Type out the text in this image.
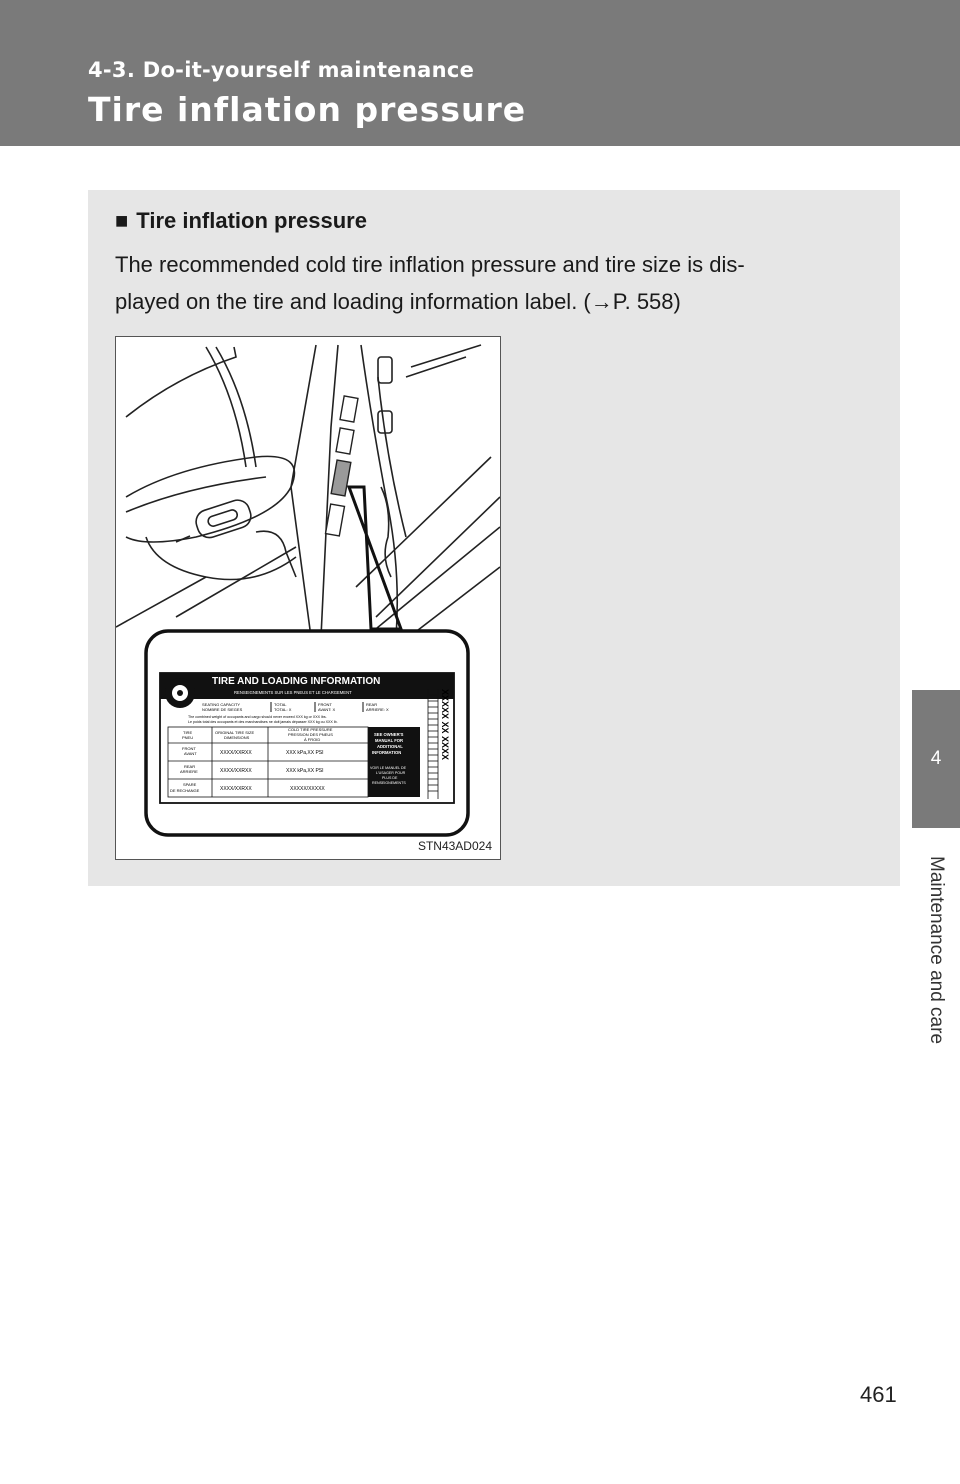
4-3. Do-it-yourself maintenance
Tire inflation pressure
4
Maintenance and care
■ Tire inflation pressure

The recommended cold tire inflation pressure and tire size is dis-
played on the tire and loading information label. (→P. 558)

TIRE AND LOADING INFORMATION
RENSEIGNEMENTS SUR LES PNEUS ET LE CHARGEMENT
SEATING CAPACITY
NOMBRE DE SIEGES
TOTAL
TOTAL: X
FRONT
AVANT: X
REAR
ARRIERE: X
The combined weight of occupants and cargo should never exceed XXX kg or XXX lbs.
Le poids total des occupants et des marchandises ne doit jamais dépasser XXX kg ou XXX lb.
TIRE
PNEU
ORIGINAL TIRE SIZE
DIMENSIONS
COLD TIRE PRESSURE
PRESSION DES PNEUS
À FROID
FRONT
AVANT
REAR
ARRIERE
SPARE
DE RECHANGE
XXXX/XXRXX
XXXX/XXRXX
XXXX/XXRXX
XXX kPa,XX PSI
XXX kPa,XX PSI
XXXXX/XXXXX
SEE OWNER'S
MANUAL FOR
ADDITIONAL
INFORMATION
VOIR LE MANUEL DE
L'USAGER POUR
PLUS DE
RENSEIGNEMENTS
XXXXX XX XXXX
STN43AD024
461
